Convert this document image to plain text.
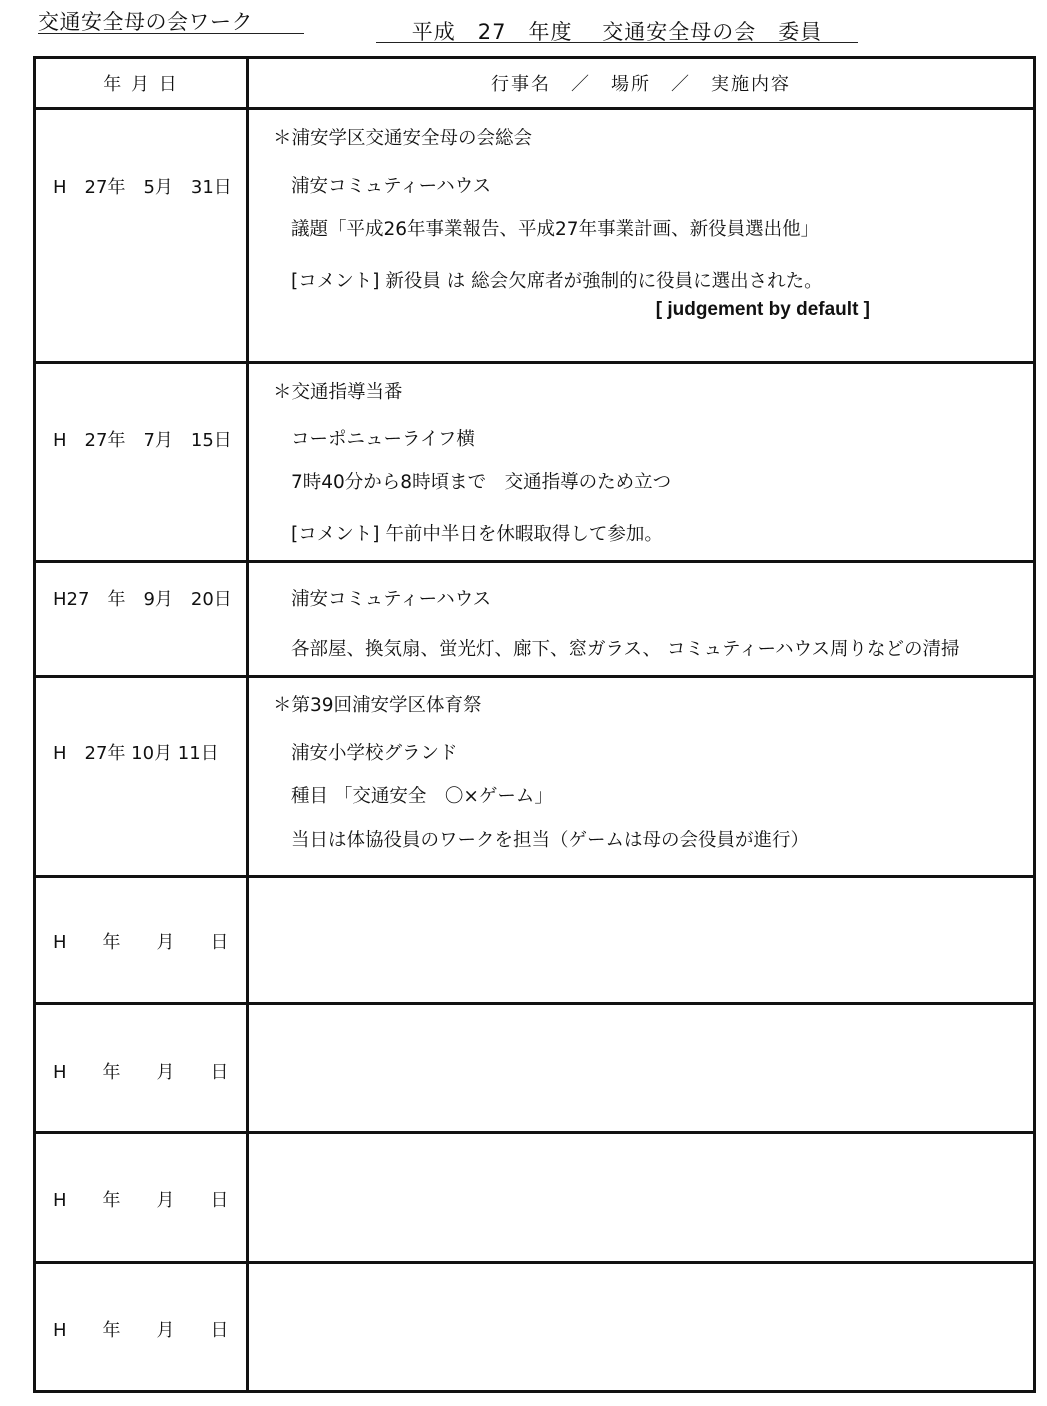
交通安全母の会ワーク	平成　27　年度　 交通安全母の会　委員
年 月 日	行事名　／　場所　／　実施内容

H　27年　5月　31日	＊浦安学区交通安全母の会総会
浦安コミュティーハウス
議題「平成26年事業報告、平成27年事業計画、新役員選出他」
[コメント] 新役員 は 総会欠席者が強制的に役員に選出された。
[ judgement by default ]

H　27年　7月　15日	＊交通指導当番
コーポニューライフ横
7時40分から8時頃まで　交通指導のため立つ
[コメント] 午前中半日を休暇取得して参加。

H27　年　9月　20日	浦安コミュティーハウス
各部屋、換気扇、蛍光灯、廊下、窓ガラス、 コミュティーハウス周りなどの清掃

H　27年 10月 11日	＊第39回浦安学区体育祭
浦安小学校グランド
種目 「交通安全　〇×ゲーム」
当日は体協役員のワークを担当（ゲームは母の会役員が進行）

H　　年　　月　　日	

H　　年　　月　　日	

H　　年　　月　　日	

H　　年　　月　　日	
